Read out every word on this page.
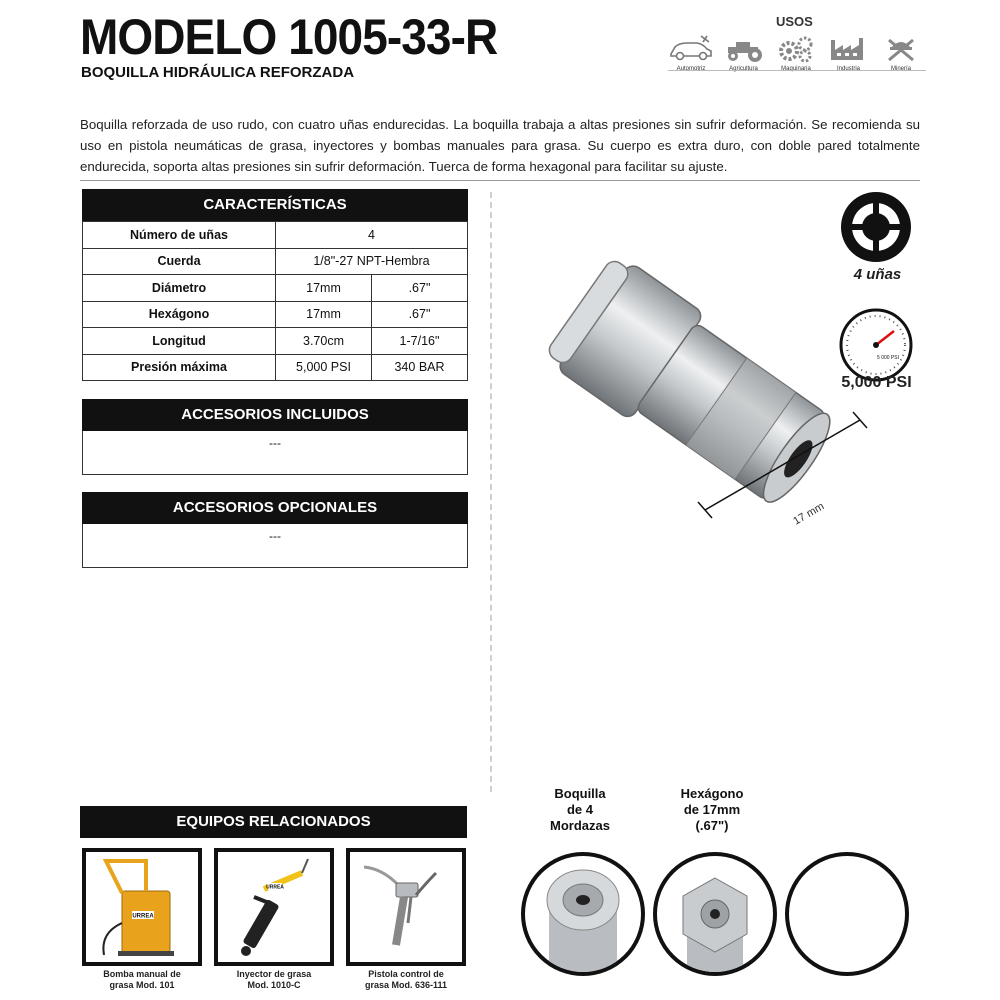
MODELO 1005-33-R
BOQUILLA HIDRÁULICA REFORZADA
USOS
Automotriz	Agricultura	Maquinaria	Industria	Minería

Boquilla reforzada de uso rudo, con cuatro uñas endurecidas. La boquilla trabaja a altas presiones sin sufrir deformación. Se recomienda su uso en pistola neumáticas de grasa, inyectores y bombas manuales para grasa. Su cuerpo es extra duro, con doble pared totalmente endurecida, soporta altas presiones sin sufrir deformación. Tuerca de forma hexagonal para facilitar su ajuste.

CARACTERÍSTICAS
Número de uñas	4	
Cuerda	1/8"-27 NPT-Hembra	
Diámetro	17mm	.67"
Hexágono	17mm	.67"
Longitud	3.70cm	1-7/16"
Presión máxima	5,000 PSI	340 BAR
ACCESORIOS INCLUIDOS
---
ACCESORIOS OPCIONALES
---
17 mm
4 uñas
5 000 PSI
5,000 PSI
EQUIPOS RELACIONADOS
URREA
Bomba manual de
grasa Mod. 101
URREA
Inyector de grasa
Mod. 1010-C
Pistola control de
grasa Mod. 636-111
Boquilla
de 4
Mordazas
Hexágono
de 17mm
(.67")
